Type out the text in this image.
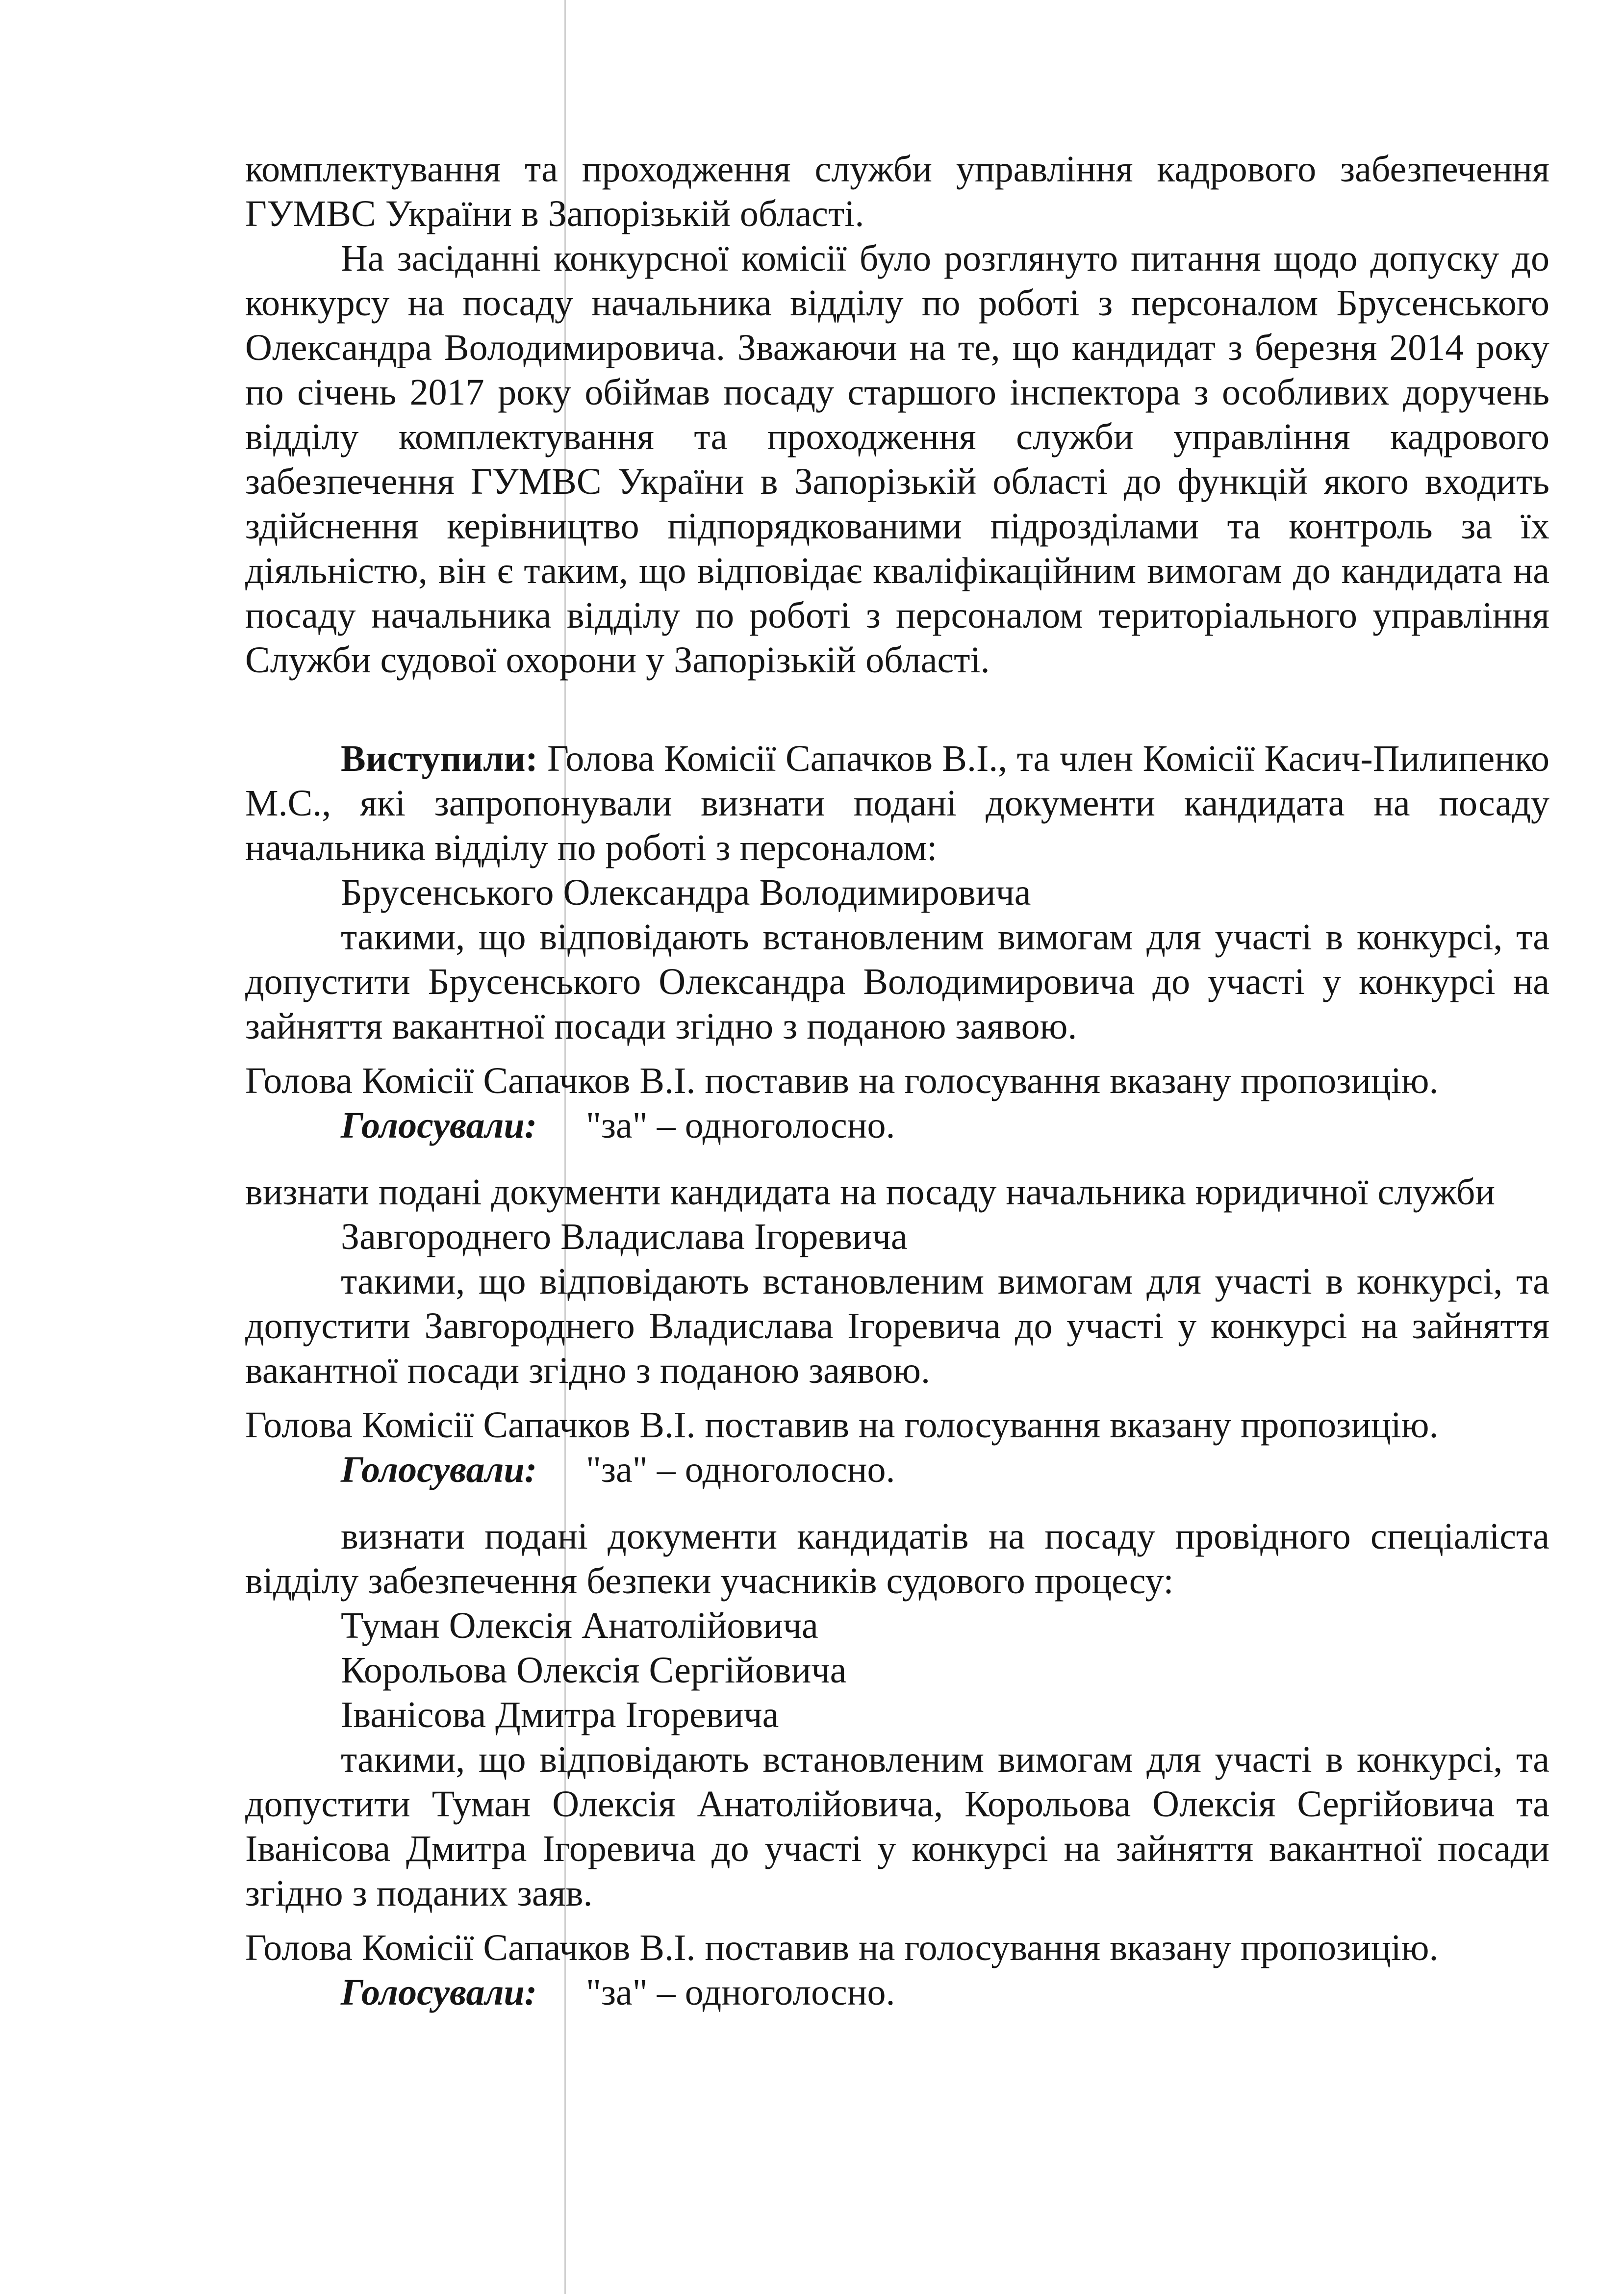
комплектування та проходження служби управління кадрового забезпечення ГУМВС України в Запорізькій області.

На засіданні конкурсної комісії було розглянуто питання щодо допуску до конкурсу на посаду начальника відділу по роботі з персоналом Брусенського Олександра Володимировича. Зважаючи на те, що кандидат з березня 2014 року по січень 2017 року обіймав посаду старшого інспектора з особливих доручень відділу комплектування та проходження служби управління кадрового забезпечення ГУМВС України в Запорізькій області до функцій якого входить здійснення керівництво підпорядкованими підрозділами та контроль за їх діяльністю, він є таким, що відповідає кваліфікаційним вимогам до кандидата на посаду начальника відділу по роботі з персоналом територіального управління Служби судової охорони у Запорізькій області.

Виступили: Голова Комісії Сапачков В.І., та член Комісії Касич-Пилипенко М.С., які запропонували визнати подані документи кандидата на посаду начальника відділу по роботі з персоналом:

Брусенського Олександра Володимировича

такими, що відповідають встановленим вимогам для участі в конкурсі, та допустити Брусенського Олександра Володимировича до участі у конкурсі на зайняття вакантної посади згідно з поданою заявою.

Голова Комісії Сапачков В.І. поставив на голосування вказану пропозицію.

Голосували: "за" – одноголосно.

визнати подані документи кандидата на посаду начальника юридичної служби

Завгороднего Владислава Ігоревича

такими, що відповідають встановленим вимогам для участі в конкурсі, та допустити Завгороднего Владислава Ігоревича до участі у конкурсі на зайняття вакантної посади згідно з поданою заявою.

Голова Комісії Сапачков В.І. поставив на голосування вказану пропозицію.

Голосували: "за" – одноголосно.

визнати подані документи кандидатів на посаду провідного спеціаліста відділу забезпечення безпеки учасників судового процесу:

Туман Олексія Анатолійовича

Корольова Олексія Сергійовича

Іванісова Дмитра Ігоревича

такими, що відповідають встановленим вимогам для участі в конкурсі, та допустити Туман Олексія Анатолійовича, Корольова Олексія Сергійовича та Іванісова Дмитра Ігоревича до участі у конкурсі на зайняття вакантної посади згідно з поданих заяв.

Голова Комісії Сапачков В.І. поставив на голосування вказану пропозицію.

Голосували: "за" – одноголосно.
